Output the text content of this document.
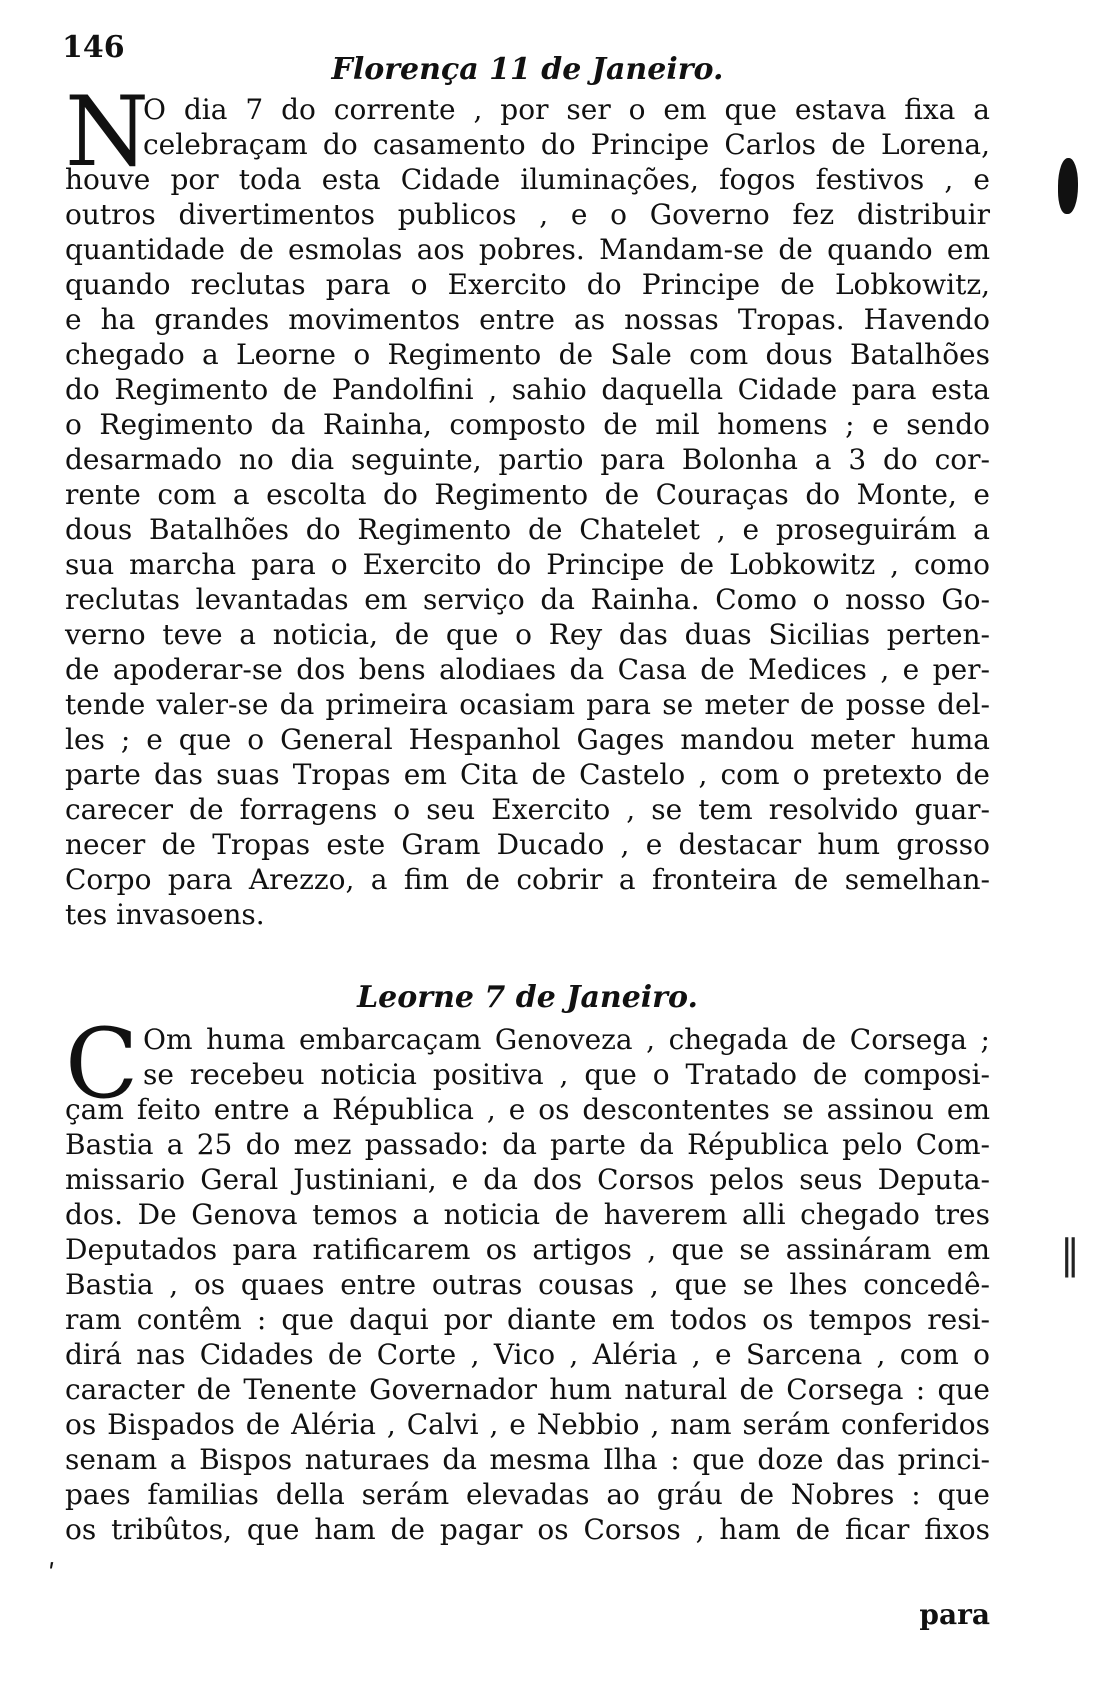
146
Florença 11 de Janeiro.
N
O dia 7 do corrente , por ser o em que estava fixa a
celebraçam do casamento do Principe Carlos de Lorena,
houve por toda esta Cidade iluminações, fogos festivos , e
outros divertimentos publicos , e o Governo fez distribuir
quantidade de esmolas aos pobres. Mandam-se de quando em
quando reclutas para o Exercito do Principe de Lobkowitz,
e ha grandes movimentos entre as nossas Tropas. Havendo
chegado a Leorne o Regimento de Sale com dous Batalhões
do Regimento de Pandolfini , sahio daquella Cidade para esta
o Regimento da Rainha, composto de mil homens ; e sendo
desarmado no dia seguinte, partio para Bolonha a 3 do cor-
rente com a escolta do Regimento de Couraças do Monte, e
dous Batalhões do Regimento de Chatelet , e proseguirám a
sua marcha para o Exercito do Principe de Lobkowitz , como
reclutas levantadas em serviço da Rainha. Como o nosso Go-
verno teve a noticia, de que o Rey das duas Sicilias perten-
de apoderar-se dos bens alodiaes da Casa de Medices , e per-
tende valer-se da primeira ocasiam para se meter de posse del-
les ; e que o General Hespanhol Gages mandou meter huma
parte das suas Tropas em Cita de Castelo , com o pretexto de
carecer de forragens o seu Exercito , se tem resolvido guar-
necer de Tropas este Gram Ducado , e destacar hum grosso
Corpo para Arezzo, a fim de cobrir a fronteira de semelhan-
tes invasoens.
Leorne 7 de Janeiro.
C Om huma embarcaçam Genoveza , chegada de Corsega ;
se recebeu noticia positiva , que o Tratado de composi-
çam feito entre a Républica , e os descontentes se assinou em
Bastia a 25 do mez passado: da parte da Républica pelo Com-
missario Geral Justiniani, e da dos Corsos pelos seus Deputa-
dos. De Genova temos a noticia de haverem alli chegado tres
Deputados para ratificarem os artigos , que se assináram em
Bastia , os quaes entre outras cousas , que se lhes concedê-
ram contêm : que daqui por diante em todos os tempos resi-
dirá nas Cidades de Corte , Vico , Aléria , e Sarcena , com o
caracter de Tenente Governador hum natural de Corsega : que
os Bispados de Aléria , Calvi , e Nebbio , nam serám conferidos
senam a Bispos naturaes da mesma Ilha : que doze das princi-
paes familias della serám elevadas ao gráu de Nobres : que
os tribûtos, que ham de pagar os Corsos , ham de ficar fixos
para
‖
ʹ
